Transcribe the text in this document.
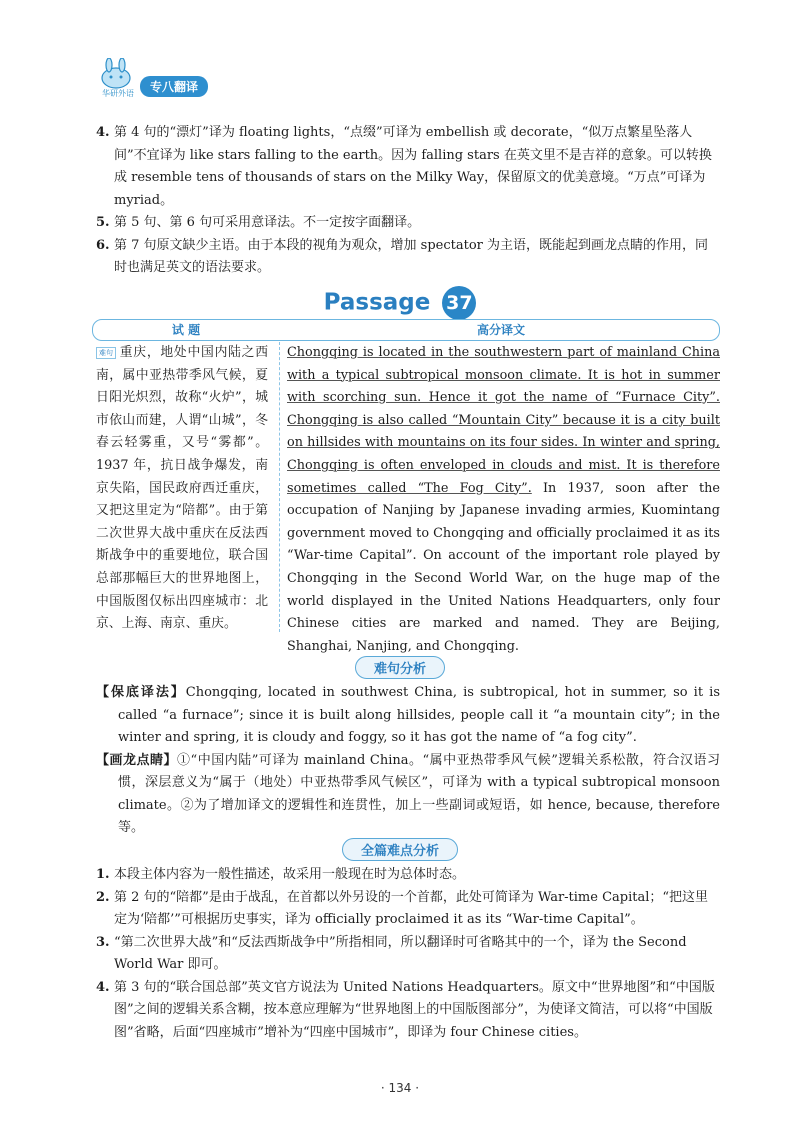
华研外语	专八翻译
4. 第 4 句的“漂灯”译为 floating lights，“点缀”可译为 embellish 或 decorate，“似万点繁星坠落人间”不宜译为 like stars falling to the earth。因为 falling stars 在英文里不是吉祥的意象。可以转换成 resemble tens of thousands of stars on the Milky Way，保留原文的优美意境。“万点”可译为 myriad。
5. 第 5 句、第 6 句可采用意译法。不一定按字面翻译。
6. 第 7 句原文缺少主语。由于本段的视角为观众，增加 spectator 为主语，既能起到画龙点睛的作用，同时也满足英文的语法要求。
Passage 37
试 题	高分译文
难句 重庆，地处中国内陆之西南，属中亚热带季风气候，夏日阳光炽烈，故称“火炉”，城市依山而建，人谓“山城”，冬春云轻雾重，又号“雾都”。1937 年，抗日战争爆发，南京失陷，国民政府西迁重庆，又把这里定为“陪都”。由于第二次世界大战中重庆在反法西斯战争中的重要地位，联合国总部那幅巨大的世界地图上，中国版图仅标出四座城市：北京、上海、南京、重庆。
Chongqing is located in the southwestern part of mainland China with a typical subtropical monsoon climate. It is hot in summer with scorching sun. Hence it got the name of “Furnace City”. Chongqing is also called “Mountain City” because it is a city built on hillsides with mountains on its four sides. In winter and spring, Chongqing is often enveloped in clouds and mist. It is therefore sometimes called “The Fog City”. In 1937, soon after the occupation of Nanjing by Japanese invading armies, Kuomintang government moved to Chongqing and officially proclaimed it as its “War-time Capital”. On account of the important role played by Chongqing in the Second World War, on the huge map of the world displayed in the United Nations Headquarters, only four Chinese cities are marked and named. They are Beijing, Shanghai, Nanjing, and Chongqing.
难句分析
【保底译法】Chongqing, located in southwest China, is subtropical, hot in summer, so it is called “a furnace”; since it is built along hillsides, people call it “a mountain city”; in the winter and spring, it is cloudy and foggy, so it has got the name of “a fog city”.
【画龙点睛】①“中国内陆”可译为 mainland China。“属中亚热带季风气候”逻辑关系松散，符合汉语习惯，深层意义为“属于（地处）中亚热带季风气候区”，可译为 with a typical subtropical monsoon climate。②为了增加译文的逻辑性和连贯性，加上一些副词或短语，如 hence, because, therefore 等。
全篇难点分析
1. 本段主体内容为一般性描述，故采用一般现在时为总体时态。
2. 第 2 句的“陪都”是由于战乱，在首都以外另设的一个首都，此处可简译为 War-time Capital；“把这里定为‘陪都’”可根据历史事实，译为 officially proclaimed it as its “War-time Capital”。
3. “第二次世界大战”和“反法西斯战争中”所指相同，所以翻译时可省略其中的一个，译为 the Second World War 即可。
4. 第 3 句的“联合国总部”英文官方说法为 United Nations Headquarters。原文中“世界地图”和“中国版图”之间的逻辑关系含糊，按本意应理解为“世界地图上的中国版图部分”，为使译文简洁，可以将“中国版图”省略，后面“四座城市”增补为“四座中国城市”，即译为 four Chinese cities。
· 134 ·
